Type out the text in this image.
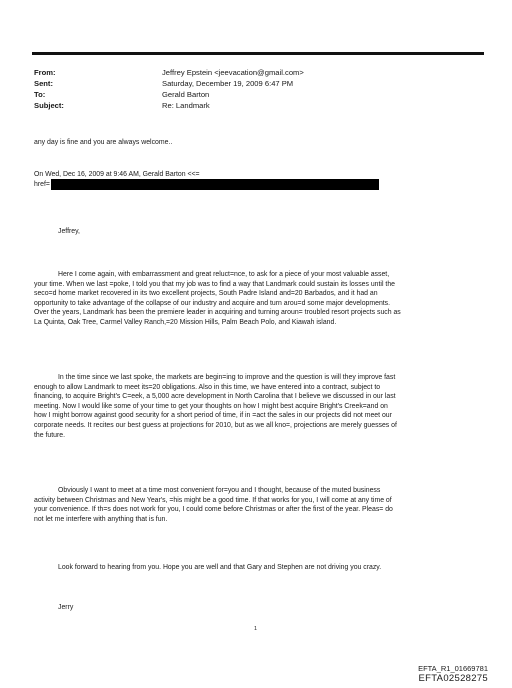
From:	Jeffrey Epstein <jeevacation@gmail.com>
Sent:	Saturday, December 19, 2009 6:47 PM
To:	Gerald Barton
Subject:	Re: Landmark
any day is fine and you are always welcome..
On Wed, Dec 16, 2009 at 9:46 AM, Gerald Barton <<=
href=
Jeffrey,
Here I come again, with embarrassment and great reluct=nce, to ask for a piece of your most valuable asset,
your time. When we last =poke, I told you that my job was to find a way that Landmark could sustain its losses until the
seco=d home market recovered in its two excellent projects, South Padre Island and=20 Barbados, and it had an
opportunity to take advantage of the collapse of our industry and acquire and turn arou=d some major developments.
Over the years, Landmark has been the premiere leader in acquiring and turning aroun= troubled resort projects such as
La Quinta, Oak Tree, Carmel Valley Ranch,=20 Mission Hills, Palm Beach Polo, and Kiawah island.
In the time since we last spoke, the markets are begin=ing to improve and the question is will they improve fast
enough to allow Landmark to meet its=20 obligations. Also in this time, we have entered into a contract, subject to
financing, to acquire Bright's C=eek, a 5,000 acre development in North Carolina that I believe we discussed in our last
meeting. Now I would like some of your time to get your thoughts on how I might best acquire Bright's Creek=and on
how I might borrow against good security for a short period of time, if in =act the sales in our projects did not meet our
corporate needs. It recites our best guess at projections for 2010, but as we all kno=, projections are merely guesses of
the future.
Obviously I want to meet at a time most convenient for=you and I thought, because of the muted business
activity between Christmas and New Year's, =his might be a good time. If that works for you, I will come at any time of
your convenience. If th=s does not work for you, I could come before Christmas or after the first of the year. Pleas= do
not let me interfere with anything that is fun.
Look forward to hearing from you. Hope you are well and that Gary and Stephen are not driving you crazy.
Jerry
1
EFTA_R1_01669781
EFTA02528275
